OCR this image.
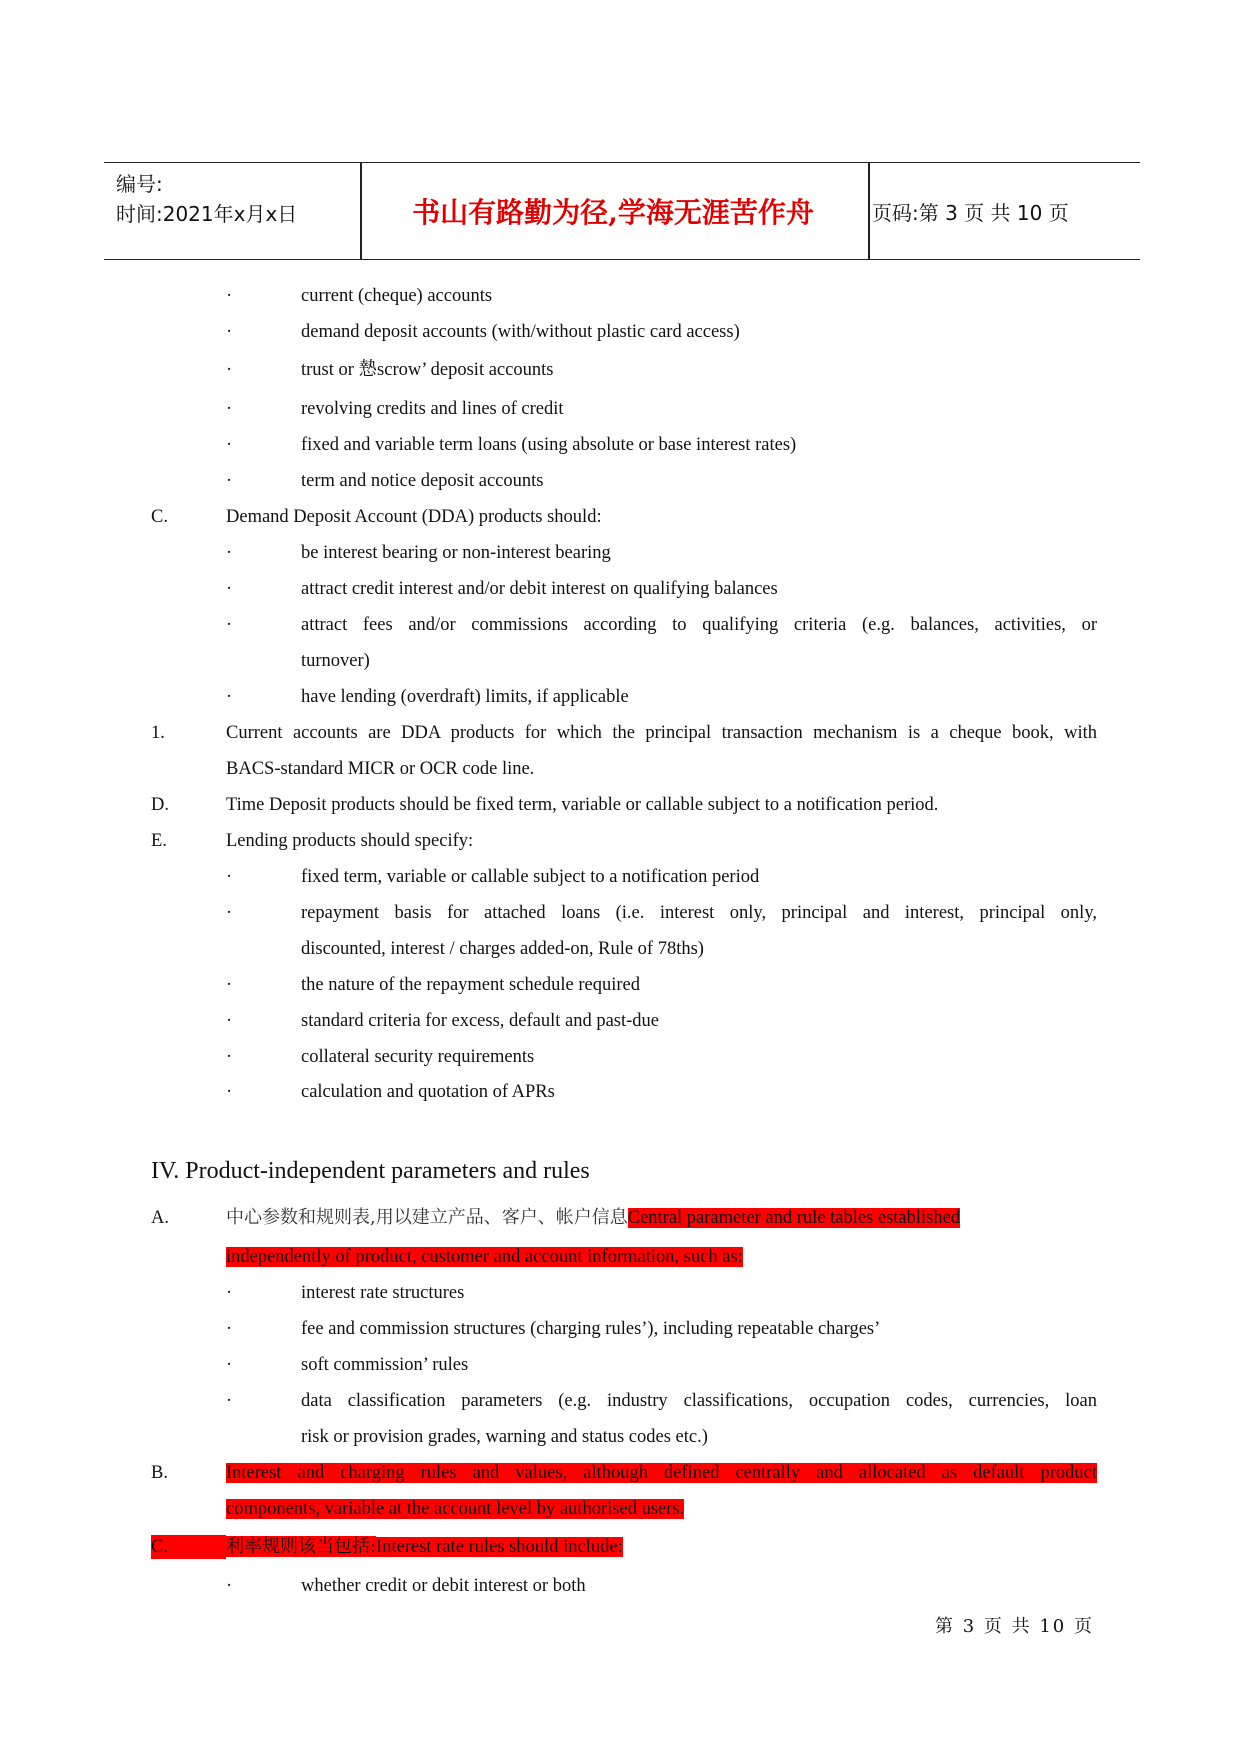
编号:
时间:2021年x月x日	书山有路勤为径,学海无涯苦作舟	页码:第 3 页 共 10 页
·	current (cheque) accounts
·	demand deposit accounts (with/without plastic card access)
·	trust or 慹scrow’ deposit accounts
·	revolving credits and lines of credit
·	fixed and variable term loans (using absolute or base interest rates)
·	term and notice deposit accounts
C.	Demand Deposit Account (DDA) products should:
·	be interest bearing or non-interest bearing
·	attract credit interest and/or debit interest on qualifying balances
·	attract fees and/or commissions according to qualifying criteria (e.g. balances, activities, or
turnover)
·	have lending (overdraft) limits, if applicable
1.	Current accounts are DDA products for which the principal transaction mechanism is a cheque book, with
BACS-standard MICR or OCR code line.
D.	Time Deposit products should be fixed term, variable or callable subject to a notification period.
E.	Lending products should specify:
·	fixed term, variable or callable subject to a notification period
·	repayment basis for attached loans (i.e. interest only, principal and interest, principal only,
discounted, interest / charges added-on, Rule of 78ths)
·	the nature of the repayment schedule required
·	standard criteria for excess, default and past-due
·	collateral security requirements
·	calculation and quotation of APRs
IV. Product-independent parameters and rules
A.	中心参数和规则表,用以建立产品、客户、帐户信息Central parameter and rule tables established
independently of product, customer and account information, such as:
·	interest rate structures
·	fee and commission structures (charging rules’), including repeatable charges’
·	soft commission’ rules
·	data classification parameters (e.g. industry classifications, occupation codes, currencies, loan
risk or provision grades, warning and status codes etc.)
B.	Interest and charging rules and values, although defined centrally and allocated as default product
components, variable at the account level by authorised users.
C.	利率规则该当包括:Interest rate rules should include:
·	whether credit or debit interest or both
第 3 页 共 10 页
